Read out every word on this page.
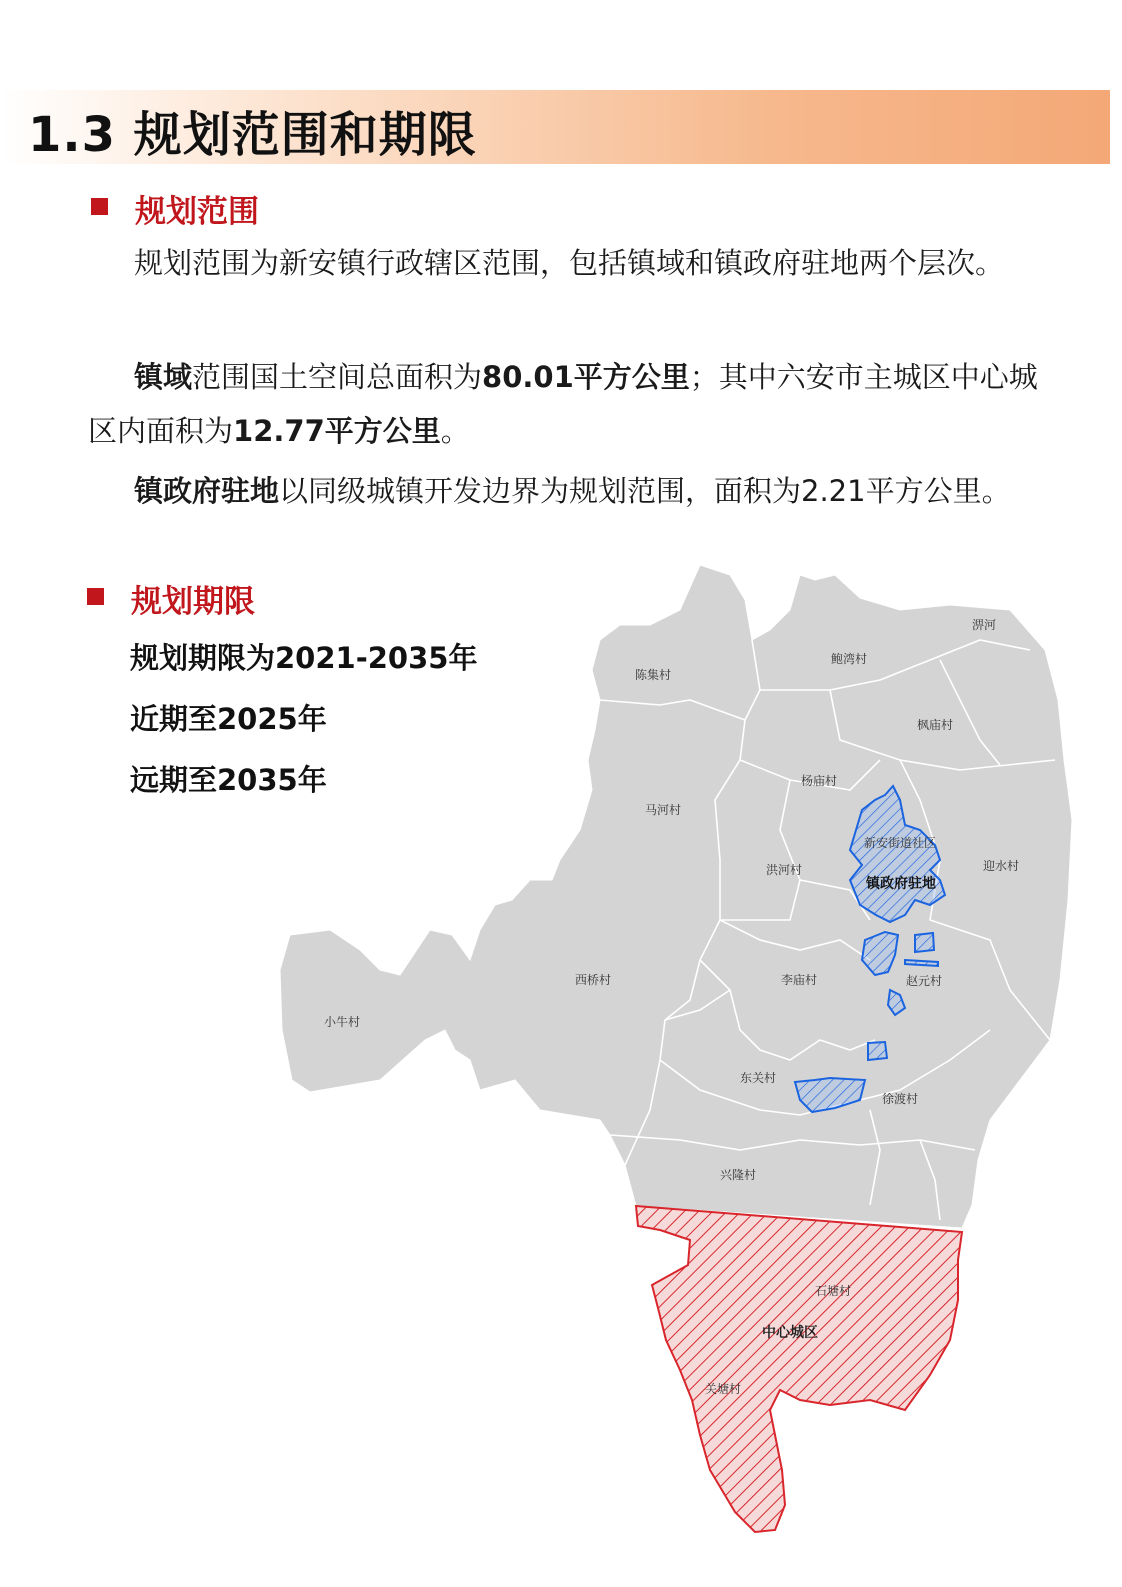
1.3 规划范围和期限
规划范围
规划范围为新安镇行政辖区范围，包括镇域和镇政府驻地两个层次。
镇域范围国土空间总面积为80.01平方公里；其中六安市主城区中心城区内面积为12.77平方公里。
镇政府驻地以同级城镇开发边界为规划范围，面积为2.21平方公里。
淠河
鲍湾村
陈集村
枫庙村
杨庙村
马河村
新安街道社区
洪河村	迎水村
镇政府驻地
西桥村	李庙村	赵元村
小牛村
东关村
徐渡村
兴隆村
石塘村
中心城区
关塘村
规划期限
规划期限为2021-2035年
近期至2025年
远期至2035年
